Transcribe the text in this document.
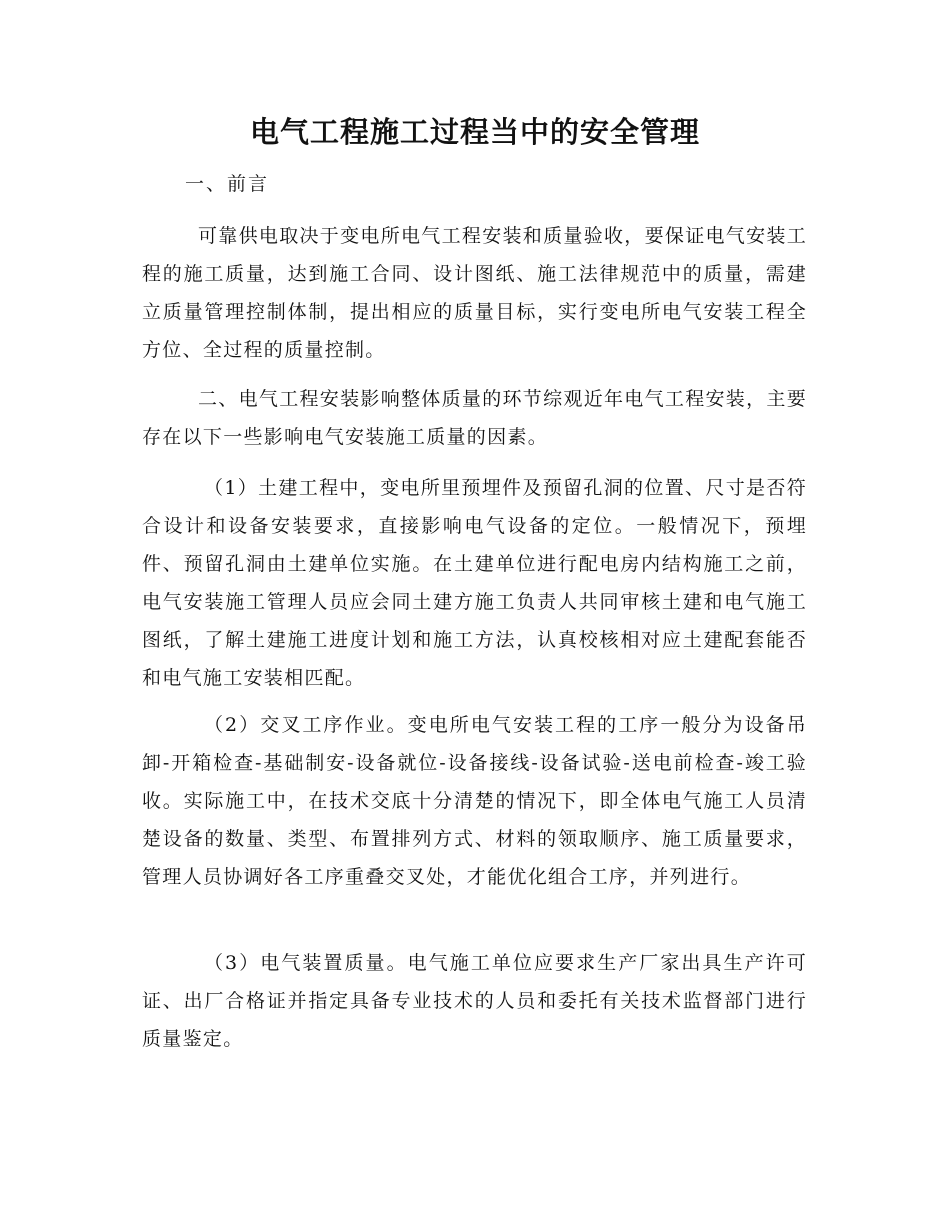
电气工程施工过程当中的安全管理
一、前言

可靠供电取决于变电所电气工程安装和质量验收，要保证电气安装工程的施工质量，达到施工合同、设计图纸、施工法律规范中的质量，需建立质量管理控制体制，提出相应的质量目标，实行变电所电气安装工程全方位、全过程的质量控制。

二、电气工程安装影响整体质量的环节综观近年电气工程安装，主要存在以下一些影响电气安装施工质量的因素。

（1）土建工程中，变电所里预埋件及预留孔洞的位置、尺寸是否符合设计和设备安装要求，直接影响电气设备的定位。一般情况下，预埋件、预留孔洞由土建单位实施。在土建单位进行配电房内结构施工之前，电气安装施工管理人员应会同土建方施工负责人共同审核土建和电气施工图纸，了解土建施工进度计划和施工方法，认真校核相对应土建配套能否和电气施工安装相匹配。

（2）交叉工序作业。变电所电气安装工程的工序一般分为设备吊卸-开箱检查-基础制安-设备就位-设备接线-设备试验-送电前检查-竣工验收。实际施工中，在技术交底十分清楚的情况下，即全体电气施工人员清楚设备的数量、类型、布置排列方式、材料的领取顺序、施工质量要求，管理人员协调好各工序重叠交叉处，才能优化组合工序，并列进行。

（3）电气装置质量。电气施工单位应要求生产厂家出具生产许可证、出厂合格证并指定具备专业技术的人员和委托有关技术监督部门进行质量鉴定。
